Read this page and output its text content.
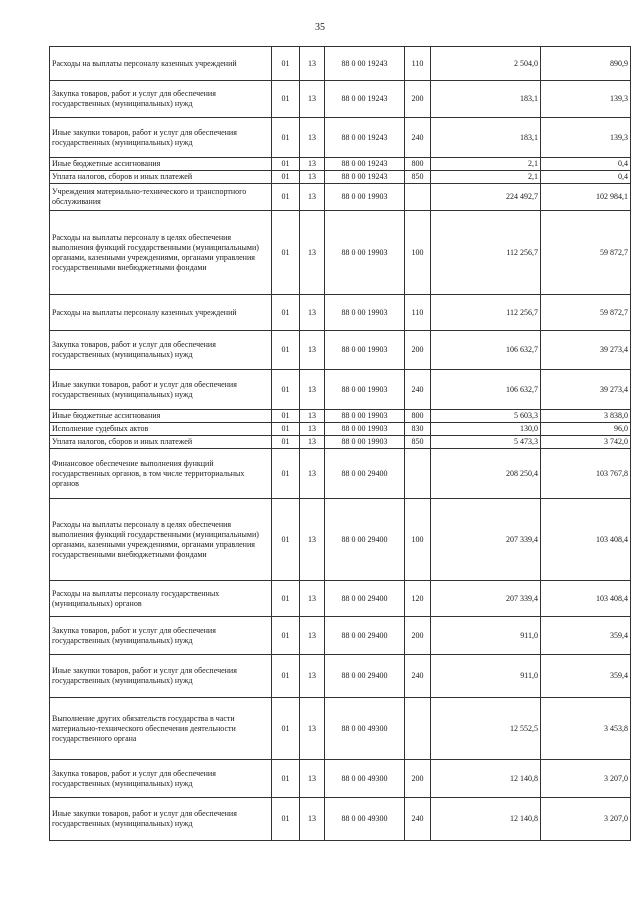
35
Расходы на выплаты персоналу казенных учреждений	01	13	88 0 00 19243	110	2 504,0	890,9
Закупка товаров, работ и услуг для обеспечения государственных (муниципальных) нужд	01	13	88 0 00 19243	200	183,1	139,3
Иные закупки товаров, работ и услуг для обеспечения государственных (муниципальных) нужд	01	13	88 0 00 19243	240	183,1	139,3
Иные бюджетные ассигнования	01	13	88 0 00 19243	800	2,1	0,4
Уплата налогов, сборов и иных платежей	01	13	88 0 00 19243	850	2,1	0,4
Учреждения материально-технического и транспортного обслуживания	01	13	88 0 00 19903		224 492,7	102 984,1
Расходы на выплаты персоналу в целях обеспечения выполнения функций государственными (муниципальными) органами, казенными учреждениями, органами управления государственными внебюджетными фондами	01	13	88 0 00 19903	100	112 256,7	59 872,7
Расходы на выплаты персоналу казенных учреждений	01	13	88 0 00 19903	110	112 256,7	59 872,7
Закупка товаров, работ и услуг для обеспечения государственных (муниципальных) нужд	01	13	88 0 00 19903	200	106 632,7	39 273,4
Иные закупки товаров, работ и услуг для обеспечения государственных (муниципальных) нужд	01	13	88 0 00 19903	240	106 632,7	39 273,4
Иные бюджетные ассигнования	01	13	88 0 00 19903	800	5 603,3	3 838,0
Исполнение судебных актов	01	13	88 0 00 19903	830	130,0	96,0
Уплата налогов, сборов и иных платежей	01	13	88 0 00 19903	850	5 473,3	3 742,0
Финансовое обеспечение выполнения функций государственных органов, в том числе территориальных органов	01	13	88 0 00 29400		208 250,4	103 767,8
Расходы на выплаты персоналу в целях обеспечения выполнения функций государственными (муниципальными) органами, казенными учреждениями, органами управления государственными внебюджетными фондами	01	13	88 0 00 29400	100	207 339,4	103 408,4
Расходы на выплаты персоналу государственных (муниципальных) органов	01	13	88 0 00 29400	120	207 339,4	103 408,4
Закупка товаров, работ и услуг для обеспечения государственных (муниципальных) нужд	01	13	88 0 00 29400	200	911,0	359,4
Иные закупки товаров, работ и услуг для обеспечения государственных (муниципальных) нужд	01	13	88 0 00 29400	240	911,0	359,4
Выполнение других обязательств государства в части материально-технического обеспечения деятельности государственного органа	01	13	88 0 00 49300		12 552,5	3 453,8
Закупка товаров, работ и услуг для обеспечения государственных (муниципальных) нужд	01	13	88 0 00 49300	200	12 140,8	3 207,0
Иные закупки товаров, работ и услуг для обеспечения государственных (муниципальных) нужд	01	13	88 0 00 49300	240	12 140,8	3 207,0
